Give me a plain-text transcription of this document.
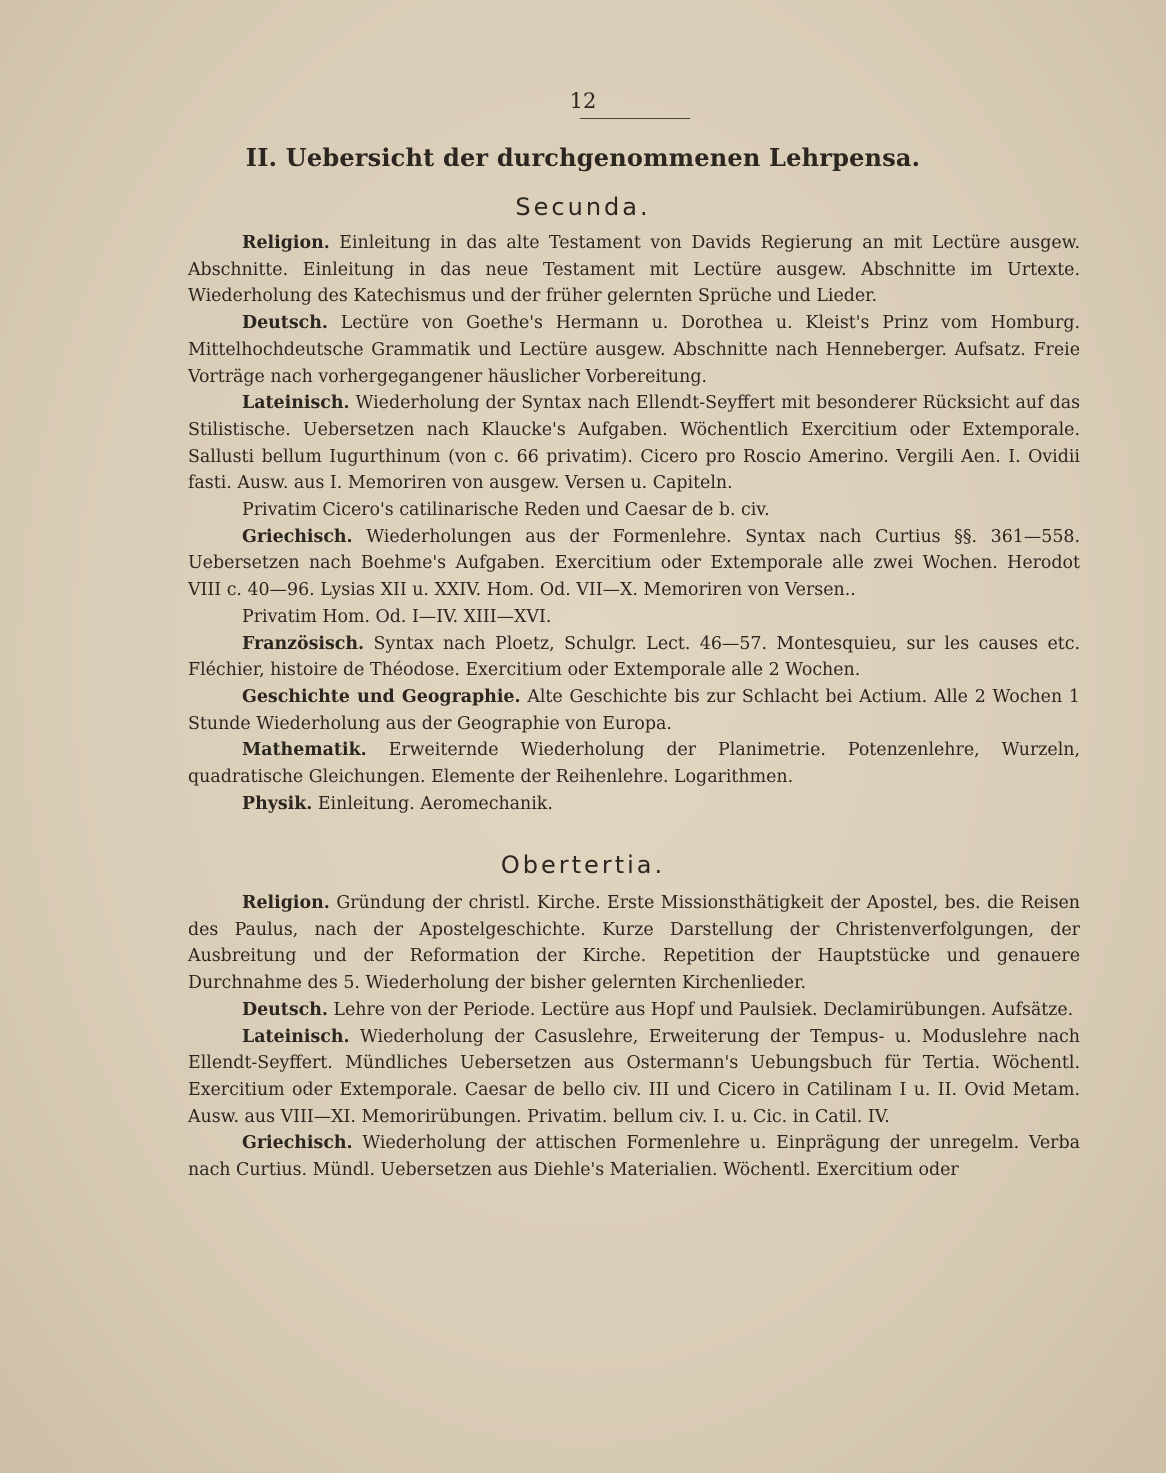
12
II. Uebersicht der durchgenommenen Lehrpensa.
Secunda.

Religion. Einleitung in das alte Testament von Davids Regierung an mit Lectüre ausgew. Abschnitte. Einleitung in das neue Testament mit Lectüre ausgew. Abschnitte im Urtexte. Wiederholung des Katechismus und der früher gelernten Sprüche und Lieder.

Deutsch. Lectüre von Goethe's Hermann u. Dorothea u. Kleist's Prinz vom Homburg. Mittelhochdeutsche Grammatik und Lectüre ausgew. Abschnitte nach Henneberger. Aufsatz. Freie Vorträge nach vorhergegangener häuslicher Vorbereitung.

Lateinisch. Wiederholung der Syntax nach Ellendt-Seyffert mit besonderer Rücksicht auf das Stilistische. Uebersetzen nach Klaucke's Aufgaben. Wöchentlich Exercitium oder Extemporale. Sallusti bellum Iugurthinum (von c. 66 privatim). Cicero pro Roscio Amerino. Vergili Aen. I. Ovidii fasti. Ausw. aus I. Memoriren von ausgew. Versen u. Capiteln.

Privatim Cicero's catilinarische Reden und Caesar de b. civ.

Griechisch. Wiederholungen aus der Formenlehre. Syntax nach Curtius §§. 361—558. Uebersetzen nach Boehme's Aufgaben. Exercitium oder Extemporale alle zwei Wochen. Herodot VIII c. 40—96. Lysias XII u. XXIV. Hom. Od. VII—X. Memoriren von Versen..

Privatim Hom. Od. I—IV. XIII—XVI.

Französisch. Syntax nach Ploetz, Schulgr. Lect. 46—57. Montesquieu, sur les causes etc. Fléchier, histoire de Théodose. Exercitium oder Extemporale alle 2 Wochen.

Geschichte und Geographie. Alte Geschichte bis zur Schlacht bei Actium. Alle 2 Wochen 1 Stunde Wiederholung aus der Geographie von Europa.

Mathematik. Erweiternde Wiederholung der Planimetrie. Potenzenlehre, Wurzeln, quadratische Gleichungen. Elemente der Reihenlehre. Logarithmen.

Physik. Einleitung. Aeromechanik.

Obertertia.

Religion. Gründung der christl. Kirche. Erste Missionsthätigkeit der Apostel, bes. die Reisen des Paulus, nach der Apostelgeschichte. Kurze Darstellung der Christenverfolgungen, der Ausbreitung und der Reformation der Kirche. Repetition der Hauptstücke und genauere Durchnahme des 5. Wiederholung der bisher gelernten Kirchenlieder.

Deutsch. Lehre von der Periode. Lectüre aus Hopf und Paulsiek. Declamirübungen. Aufsätze.

Lateinisch. Wiederholung der Casuslehre, Erweiterung der Tempus- u. Moduslehre nach Ellendt-Seyffert. Mündliches Uebersetzen aus Ostermann's Uebungsbuch für Tertia. Wöchentl. Exercitium oder Extemporale. Caesar de bello civ. III und Cicero in Catilinam I u. II. Ovid Metam. Ausw. aus VIII—XI. Memorirübungen. Privatim. bellum civ. I. u. Cic. in Catil. IV.

Griechisch. Wiederholung der attischen Formenlehre u. Einprägung der unregelm. Verba nach Curtius. Mündl. Uebersetzen aus Diehle's Materialien. Wöchentl. Exercitium oder
